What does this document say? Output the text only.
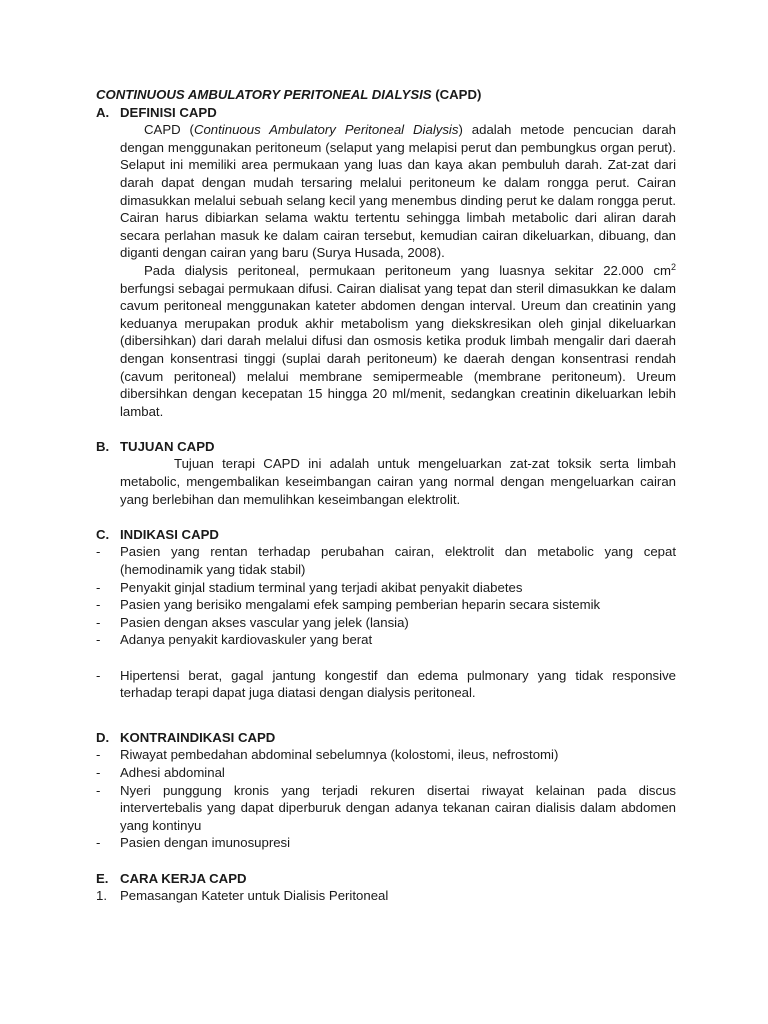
CONTINUOUS AMBULATORY PERITONEAL DIALYSIS (CAPD)
A. DEFINISI CAPD
CAPD (Continuous Ambulatory Peritoneal Dialysis) adalah metode pencucian darah dengan menggunakan peritoneum (selaput yang melapisi perut dan pembungkus organ perut). Selaput ini memiliki area permukaan yang luas dan kaya akan pembuluh darah. Zat-zat dari darah dapat dengan mudah tersaring melalui peritoneum ke dalam rongga perut. Cairan dimasukkan melalui sebuah selang kecil yang menembus dinding perut ke dalam rongga perut. Cairan harus dibiarkan selama waktu tertentu sehingga limbah metabolic dari aliran darah secara perlahan masuk ke dalam cairan tersebut, kemudian cairan dikeluarkan, dibuang, dan diganti dengan cairan yang baru (Surya Husada, 2008).
Pada dialysis peritoneal, permukaan peritoneum yang luasnya sekitar 22.000 $cm^2$ berfungsi sebagai permukaan difusi. Cairan dialisat yang tepat dan steril dimasukkan ke dalam cavum peritoneal menggunakan kateter abdomen dengan interval. Ureum dan creatinin yang keduanya merupakan produk akhir metabolism yang diekskresikan oleh ginjal dikeluarkan (dibersihkan) dari darah melalui difusi dan osmosis ketika produk limbah mengalir dari daerah dengan konsentrasi tinggi (suplai darah peritoneum) ke daerah dengan konsentrasi rendah (cavum peritoneal) melalui membrane semipermeable (membrane peritoneum). Ureum dibersihkan dengan kecepatan 15 hingga 20 ml/menit, sedangkan creatinin dikeluarkan lebih lambat.
B. TUJUAN CAPD
Tujuan terapi CAPD ini adalah untuk mengeluarkan zat-zat toksik serta limbah metabolic, mengembalikan keseimbangan cairan yang normal dengan mengeluarkan cairan yang berlebihan dan memulihkan keseimbangan elektrolit.
C. INDIKASI CAPD
-	Pasien yang rentan terhadap perubahan cairan, elektrolit dan metabolic yang cepat (hemodinamik yang tidak stabil)
-	Penyakit ginjal stadium terminal yang terjadi akibat penyakit diabetes
-	Pasien yang berisiko mengalami efek samping pemberian heparin secara sistemik
-	Pasien dengan akses vascular yang jelek (lansia)
-	Adanya penyakit kardiovaskuler yang berat
-	Hipertensi berat, gagal jantung kongestif dan edema pulmonary yang tidak responsive terhadap terapi dapat juga diatasi dengan dialysis peritoneal.
D. KONTRAINDIKASI CAPD
-	Riwayat pembedahan abdominal sebelumnya (kolostomi, ileus, nefrostomi)
-	Adhesi abdominal
-	Nyeri punggung kronis yang terjadi rekuren disertai riwayat kelainan pada discus intervertebalis yang dapat diperburuk dengan adanya tekanan cairan dialisis dalam abdomen yang kontinyu
-	Pasien dengan imunosupresi
E. CARA KERJA CAPD
1. Pemasangan Kateter untuk Dialisis Peritoneal
